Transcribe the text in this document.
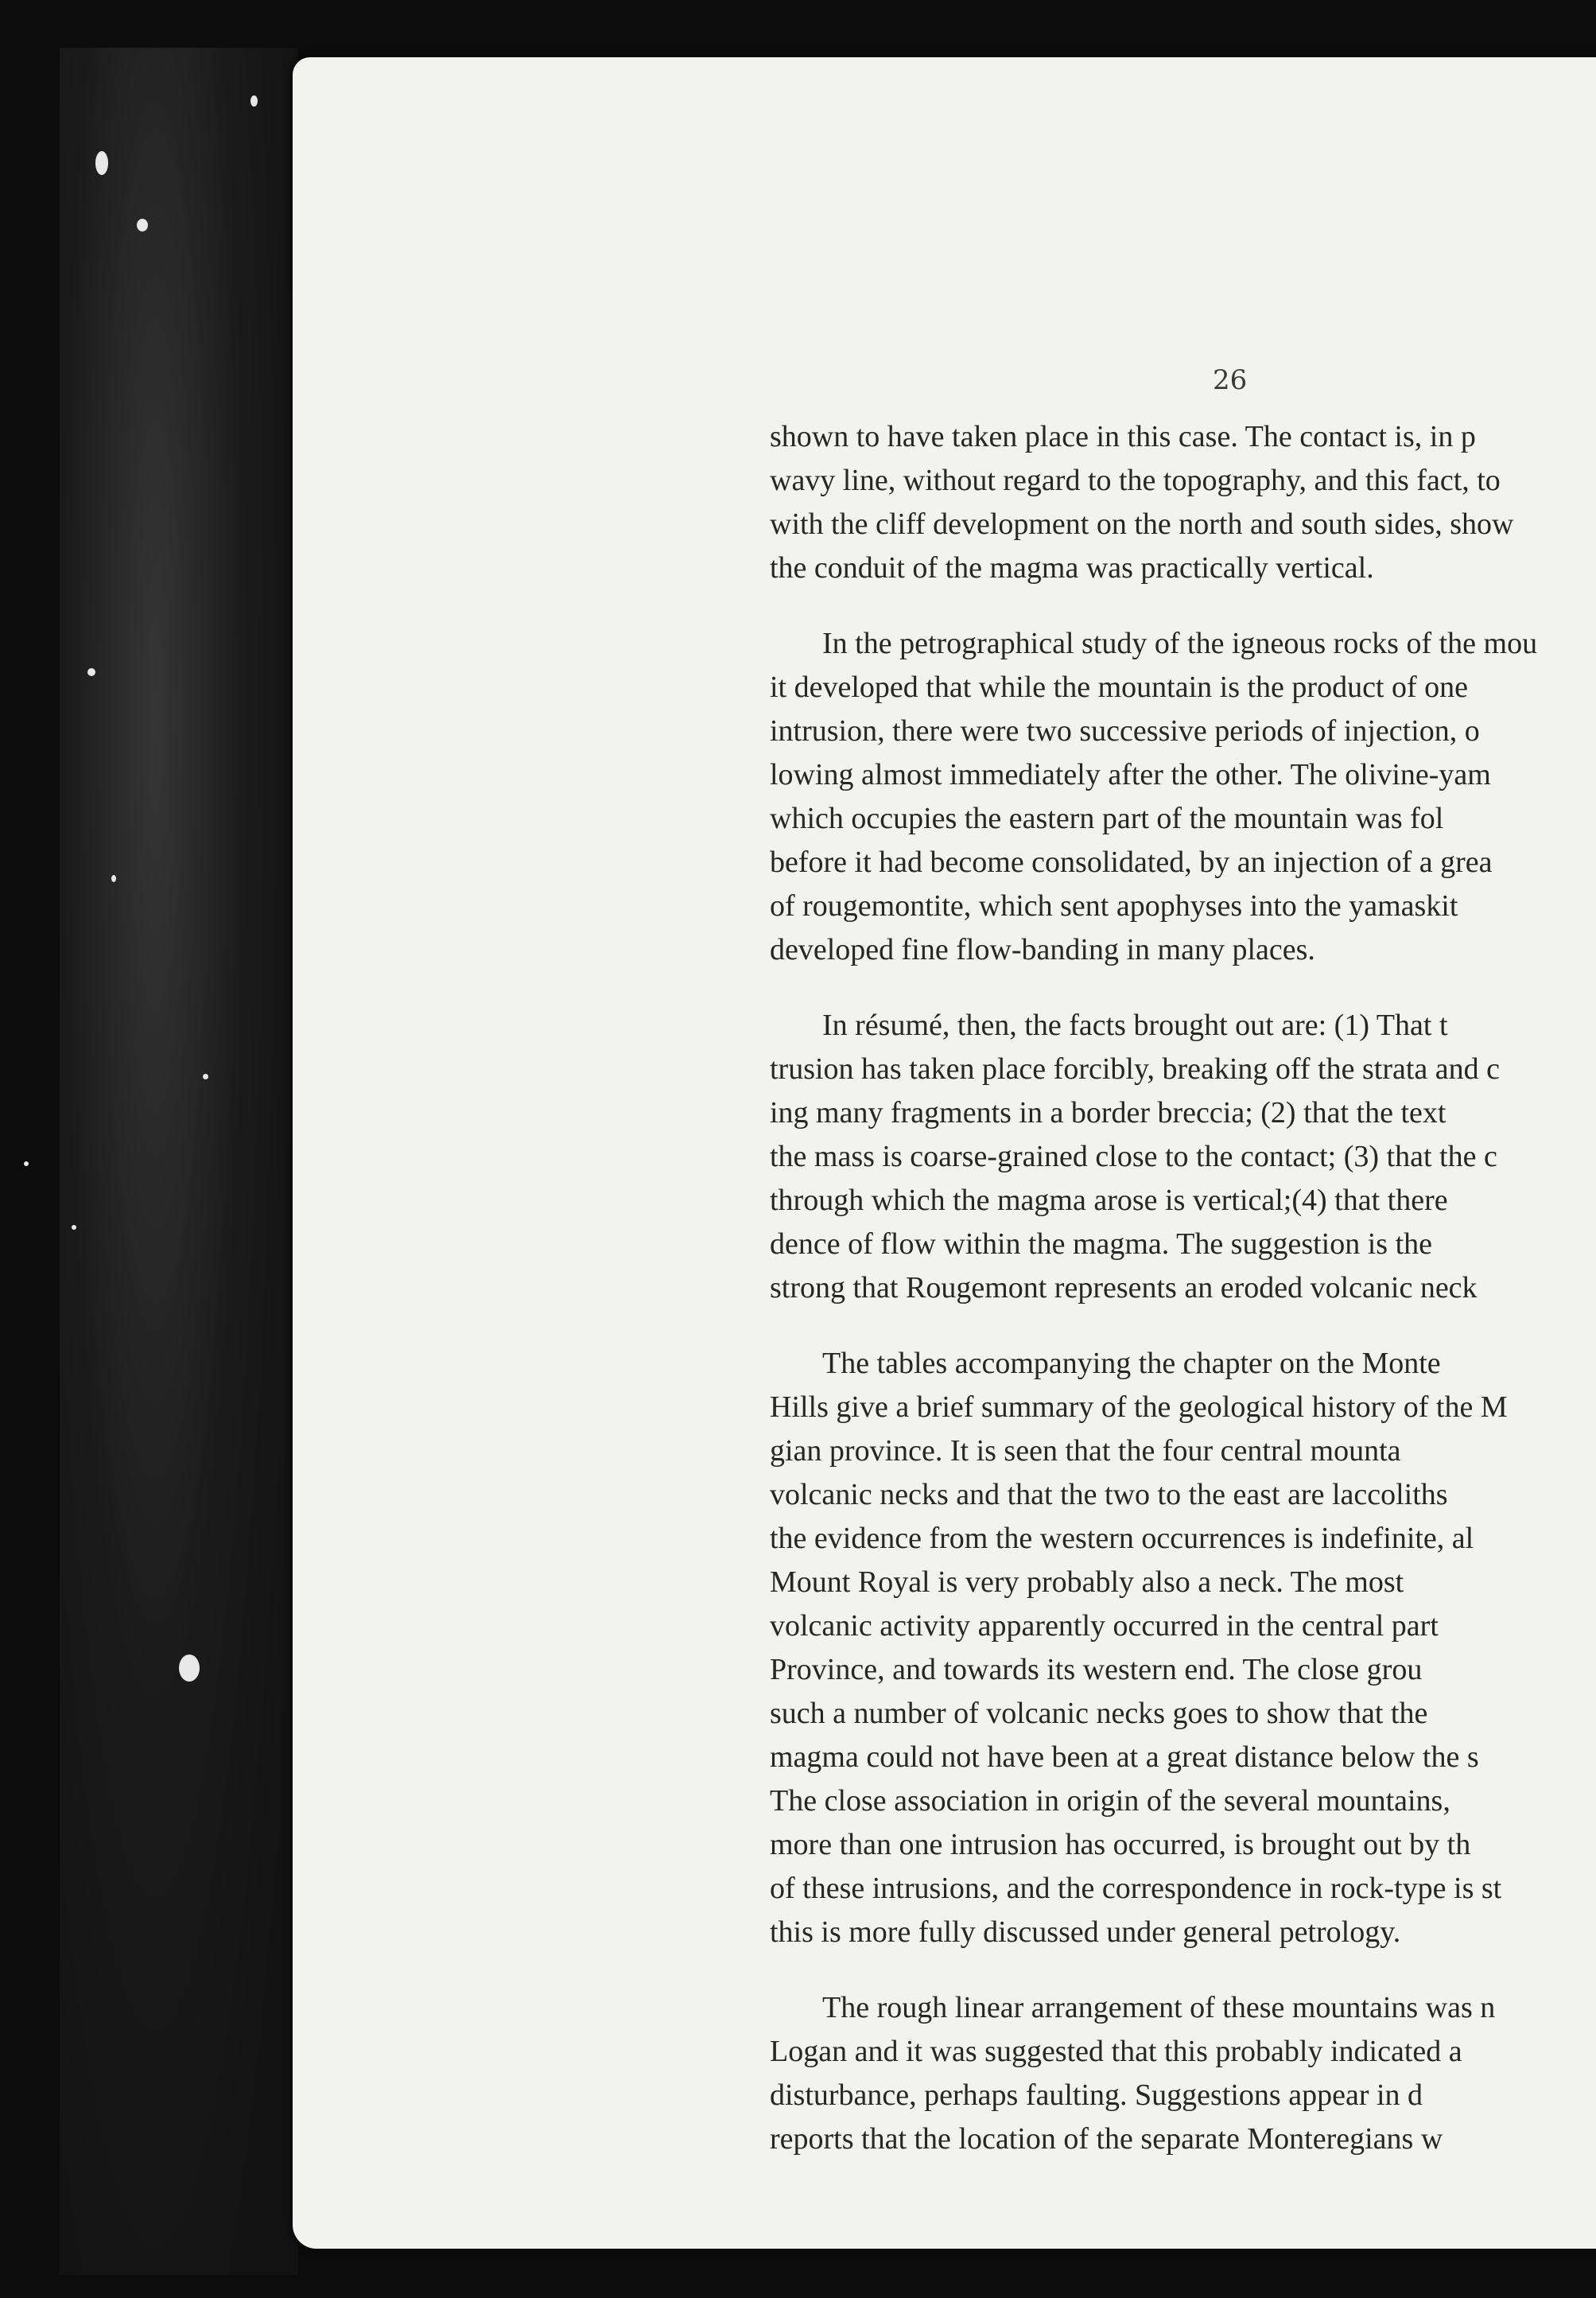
26
shown to have taken place in this case. The contact is, in p
wavy line, without regard to the topography, and this fact, to
with the cliff development on the north and south sides, show
the conduit of the magma was practically vertical.
In the petrographical study of the igneous rocks of the mou
it developed that while the mountain is the product of one
intrusion, there were two successive periods of injection, o
lowing almost immediately after the other. The olivine-yam
which occupies the eastern part of the mountain was fol
before it had become consolidated, by an injection of a grea
of rougemontite, which sent apophyses into the yamaskit
developed fine flow-banding in many places.
In résumé, then, the facts brought out are: (1) That t
trusion has taken place forcibly, breaking off the strata and c
ing many fragments in a border breccia; (2) that the text
the mass is coarse-grained close to the contact; (3) that the c
through which the magma arose is vertical;(4) that there
dence of flow within the magma. The suggestion is the
strong that Rougemont represents an eroded volcanic neck
The tables accompanying the chapter on the Monte
Hills give a brief summary of the geological history of the M
gian province. It is seen that the four central mounta
volcanic necks and that the two to the east are laccoliths
the evidence from the western occurrences is indefinite, al
Mount Royal is very probably also a neck. The most
volcanic activity apparently occurred in the central part
Province, and towards its western end. The close grou
such a number of volcanic necks goes to show that the
magma could not have been at a great distance below the s
The close association in origin of the several mountains,
more than one intrusion has occurred, is brought out by th
of these intrusions, and the correspondence in rock-type is st
this is more fully discussed under general petrology.
The rough linear arrangement of these mountains was n
Logan and it was suggested that this probably indicated a
disturbance, perhaps faulting. Suggestions appear in d
reports that the location of the separate Monteregians w
